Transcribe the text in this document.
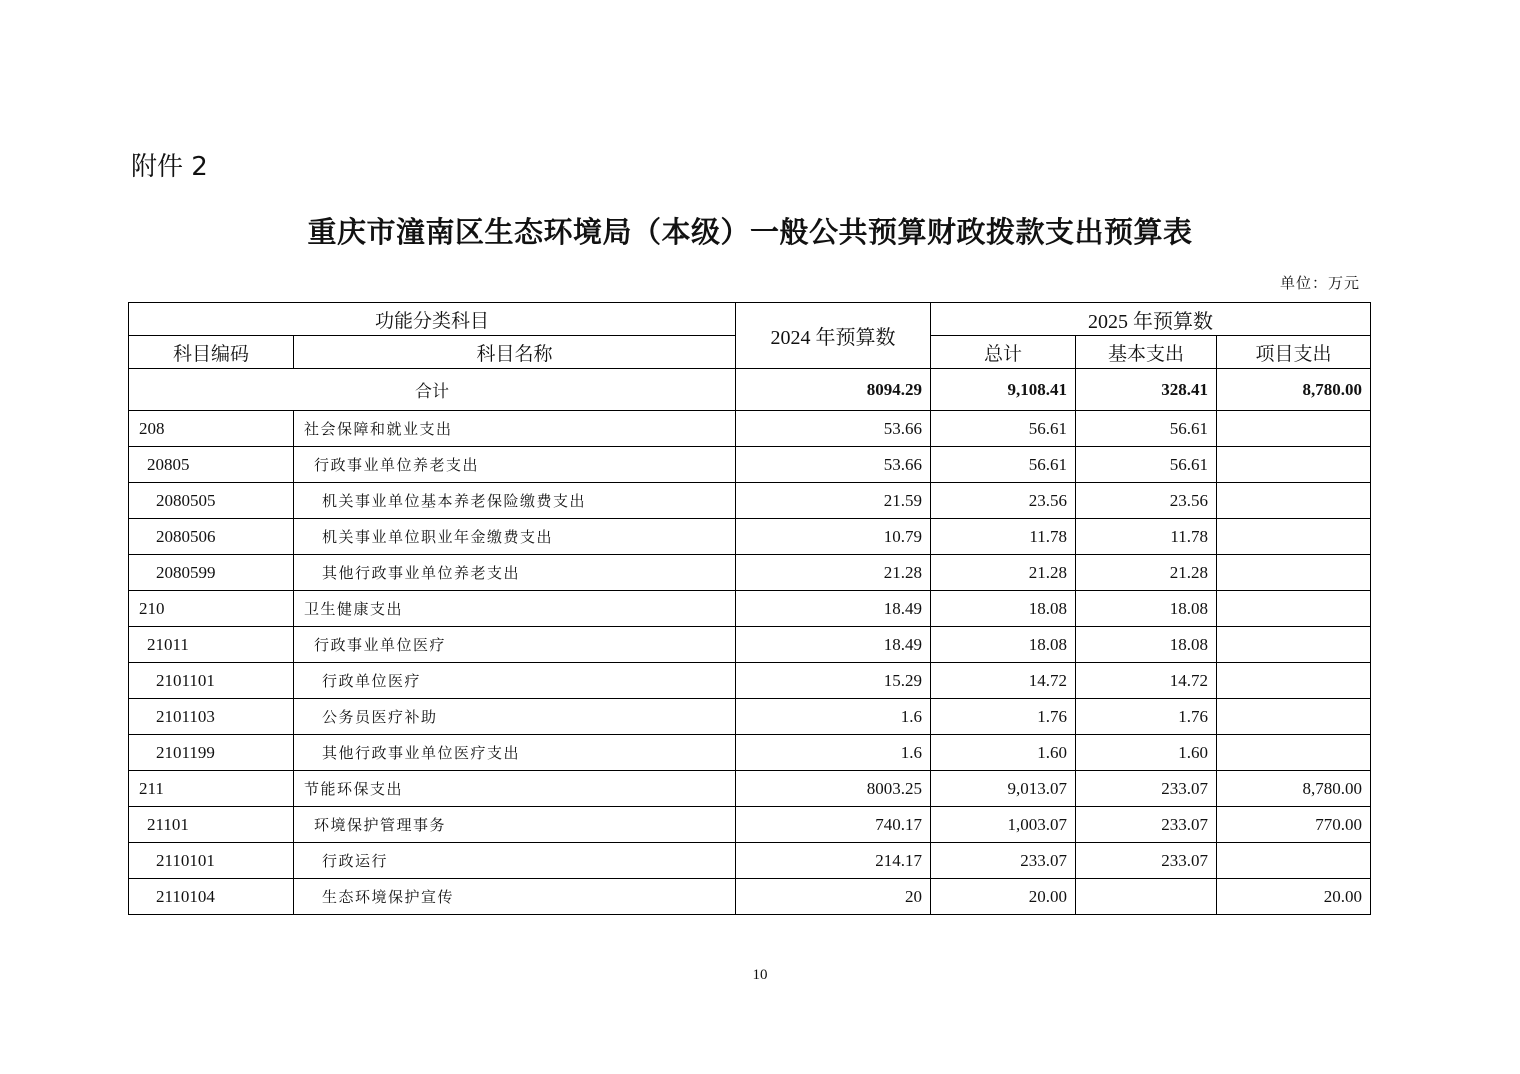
附件 2
重庆市潼南区生态环境局（本级）一般公共预算财政拨款支出预算表
单位：万元
功能分类科目		2024 年预算数	2025 年预算数		
科目编码	科目名称		总计	基本支出	项目支出
合计		8094.29	9,108.41	328.41	8,780.00
208	社会保障和就业支出	53.66	56.61	56.61	
20805	行政事业单位养老支出	53.66	56.61	56.61	
2080505	机关事业单位基本养老保险缴费支出	21.59	23.56	23.56	
2080506	机关事业单位职业年金缴费支出	10.79	11.78	11.78	
2080599	其他行政事业单位养老支出	21.28	21.28	21.28	
210	卫生健康支出	18.49	18.08	18.08	
21011	行政事业单位医疗	18.49	18.08	18.08	
2101101	行政单位医疗	15.29	14.72	14.72	
2101103	公务员医疗补助	1.6	1.76	1.76	
2101199	其他行政事业单位医疗支出	1.6	1.60	1.60	
211	节能环保支出	8003.25	9,013.07	233.07	8,780.00
21101	环境保护管理事务	740.17	1,003.07	233.07	770.00
2110101	行政运行	214.17	233.07	233.07	
2110104	生态环境保护宣传	20	20.00		20.00
10
